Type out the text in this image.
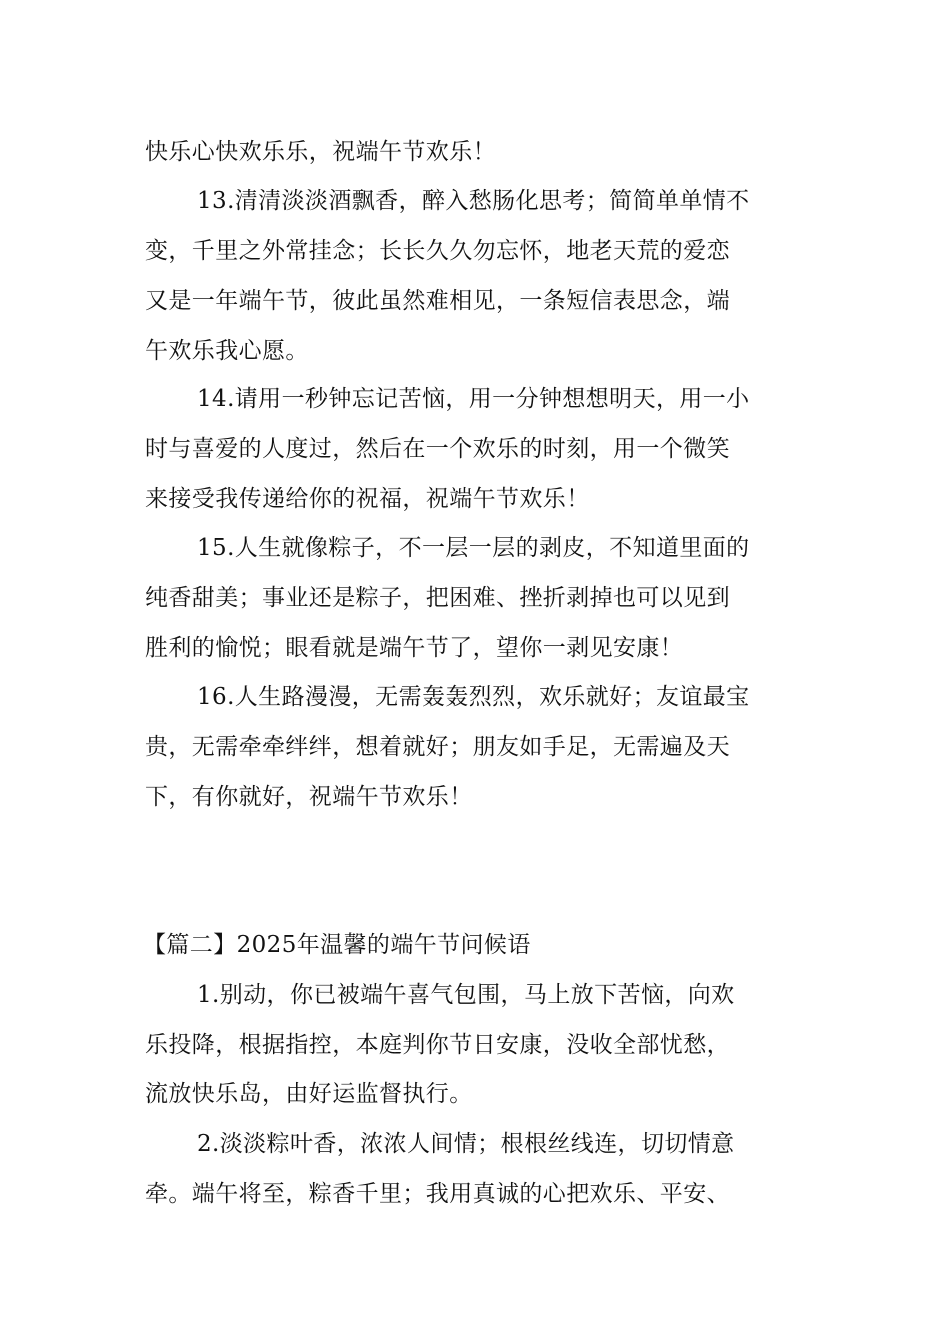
快乐心快欢乐乐，祝端午节欢乐！
13.清清淡淡酒飘香，醉入愁肠化思考；简简单单情不
变，千里之外常挂念；长长久久勿忘怀，地老天荒的爱恋
又是一年端午节，彼此虽然难相见，一条短信表思念，端
午欢乐我心愿。
14.请用一秒钟忘记苦恼，用一分钟想想明天，用一小
时与喜爱的人度过，然后在一个欢乐的时刻，用一个微笑
来接受我传递给你的祝福，祝端午节欢乐！
15.人生就像粽子，不一层一层的剥皮，不知道里面的
纯香甜美；事业还是粽子，把困难、挫折剥掉也可以见到
胜利的愉悦；眼看就是端午节了，望你一剥见安康！
16.人生路漫漫，无需轰轰烈烈，欢乐就好；友谊最宝
贵，无需牵牵绊绊，想着就好；朋友如手足，无需遍及天
下，有你就好，祝端午节欢乐！
【篇二】2025年温馨的端午节问候语
1.别动，你已被端午喜气包围，马上放下苦恼，向欢
乐投降，根据指控，本庭判你节日安康，没收全部忧愁，
流放快乐岛，由好运监督执行。
2.淡淡粽叶香，浓浓人间情；根根丝线连，切切情意
牵。端午将至，粽香千里；我用真诚的心把欢乐、平安、
